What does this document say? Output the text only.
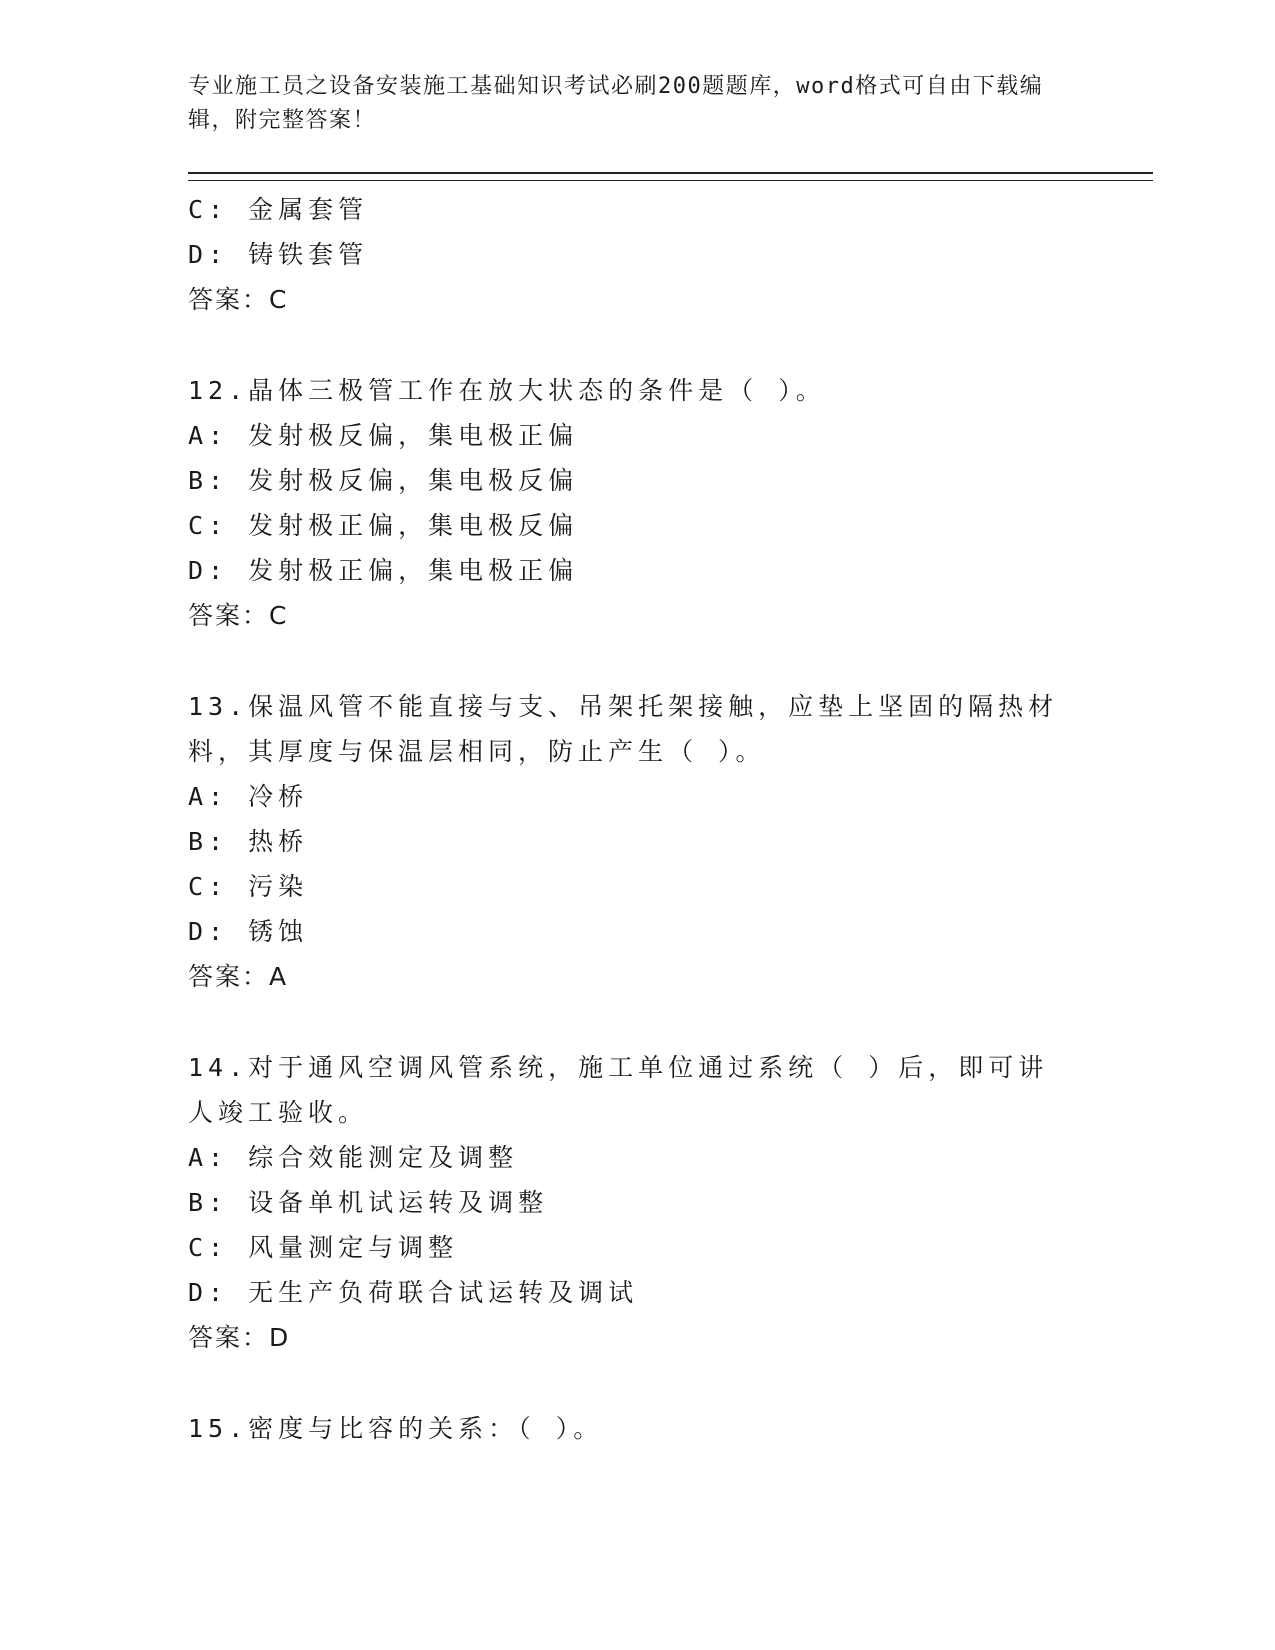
专业施工员之设备安装施工基础知识考试必刷200题题库，word格式可自由下载编辑，附完整答案！

C: 金属套管
D: 铸铁套管
答案：C
12.晶体三极管工作在放大状态的条件是（ ）。
A: 发射极反偏，集电极正偏
B: 发射极反偏，集电极反偏
C: 发射极正偏，集电极反偏
D: 发射极正偏，集电极正偏
答案：C
13.保温风管不能直接与支、吊架托架接触，应垫上坚固的隔热材料，其厚度与保温层相同，防止产生（ ）。
A: 冷桥
B: 热桥
C: 污染
D: 锈蚀
答案：A
14.对于通风空调风管系统，施工单位通过系统（ ）后，即可讲人竣工验收。
A: 综合效能测定及调整
B: 设备单机试运转及调整
C: 风量测定与调整
D: 无生产负荷联合试运转及调试
答案：D
15.密度与比容的关系：（ ）。
